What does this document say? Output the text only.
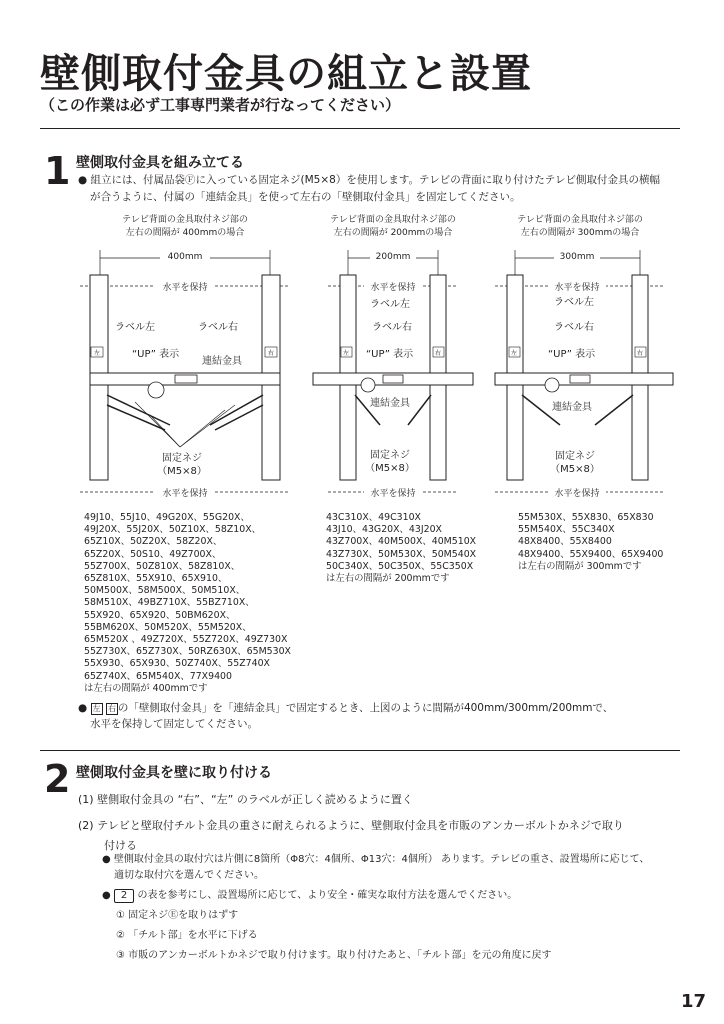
壁側取付金具の組立と設置
（この作業は必ず工事専門業者が行なってください）
1 壁側取付金具を組み立てる
● 組立には、付属品袋Ⓕに入っている固定ネジ(M5×8）を使用します。テレビの背面に取り付けたテレビ側取付金具の横幅
が合うように、付属の「連結金具」を使って左右の「壁側取付金具」を固定してください。
テレビ背面の金具取付ネジ部の
左右の間隔が 400mmの場合
400mm
水平を保持
左	右
ラベル左	ラベル右
“UP” 表示
連結金具
固定ネジ
（M5×8）
水平を保持
テレビ背面の金具取付ネジ部の
左右の間隔が 200mmの場合
200mm
水平を保持
左	右
ラベル左
ラベル右
“UP” 表示
連結金具
固定ネジ
（M5×8）
水平を保持
テレビ背面の金具取付ネジ部の
左右の間隔が 300mmの場合
300mm
水平を保持
左	右
ラベル左
ラベル右
“UP” 表示
連結金具
固定ネジ
（M5×8）
水平を保持
49J10、55J10、49G20X、55G20X、
49J20X、55J20X、50Z10X、58Z10X、
65Z10X、50Z20X、58Z20X、
65Z20X、50S10、49Z700X、
55Z700X、50Z810X、58Z810X、
65Z810X、55X910、65X910、
50M500X、58M500X、50M510X、
58M510X、49BZ710X、55BZ710X、
55X920、65X920、50BM620X、
55BM620X、50M520X、55M520X、
65M520X 、49Z720X、55Z720X、49Z730X
55Z730X、65Z730X、50RZ630X、65M530X
55X930、65X930、50Z740X、55Z740X
65Z740X、65M540X、77X9400
は左右の間隔が 400mmです
43C310X、49C310X
43J10、43G20X、43J20X
43Z700X、40M500X、40M510X
43Z730X、50M530X、50M540X
50C340X、50C350X、55C350X
は左右の間隔が 200mmです
55M530X、55X830、65X830
55M540X、55C340X
48X8400、55X8400
48X9400、55X9400、65X9400
は左右の間隔が 300mmです
● 左 右 の「壁側取付金具」を「連結金具」で固定するとき、上図のように間隔が400mm/300mm/200mmで、
水平を保持して固定してください。
2 壁側取付金具を壁に取り付ける
(1) 壁側取付金具の “右”、“左” のラベルが正しく読めるように置く
(2) テレビと壁取付チルト金具の重さに耐えられるように、壁側取付金具を市販のアンカーボルトかネジで取り
付ける
● 壁側取付金具の取付穴は片側に8箇所（Φ8穴：4個所、Φ13穴：4個所） あります。テレビの重さ、設置場所に応じて、
適切な取付穴を選んでください。
● 2 の表を参考にし、設置場所に応じて、より安全・確実な取付方法を選んでください。
① 固定ネジⒺを取りはずす
② 「チルト部」を水平に下げる
③ 市販のアンカーボルトかネジで取り付けます。取り付けたあと、「チルト部」を元の角度に戻す
17
